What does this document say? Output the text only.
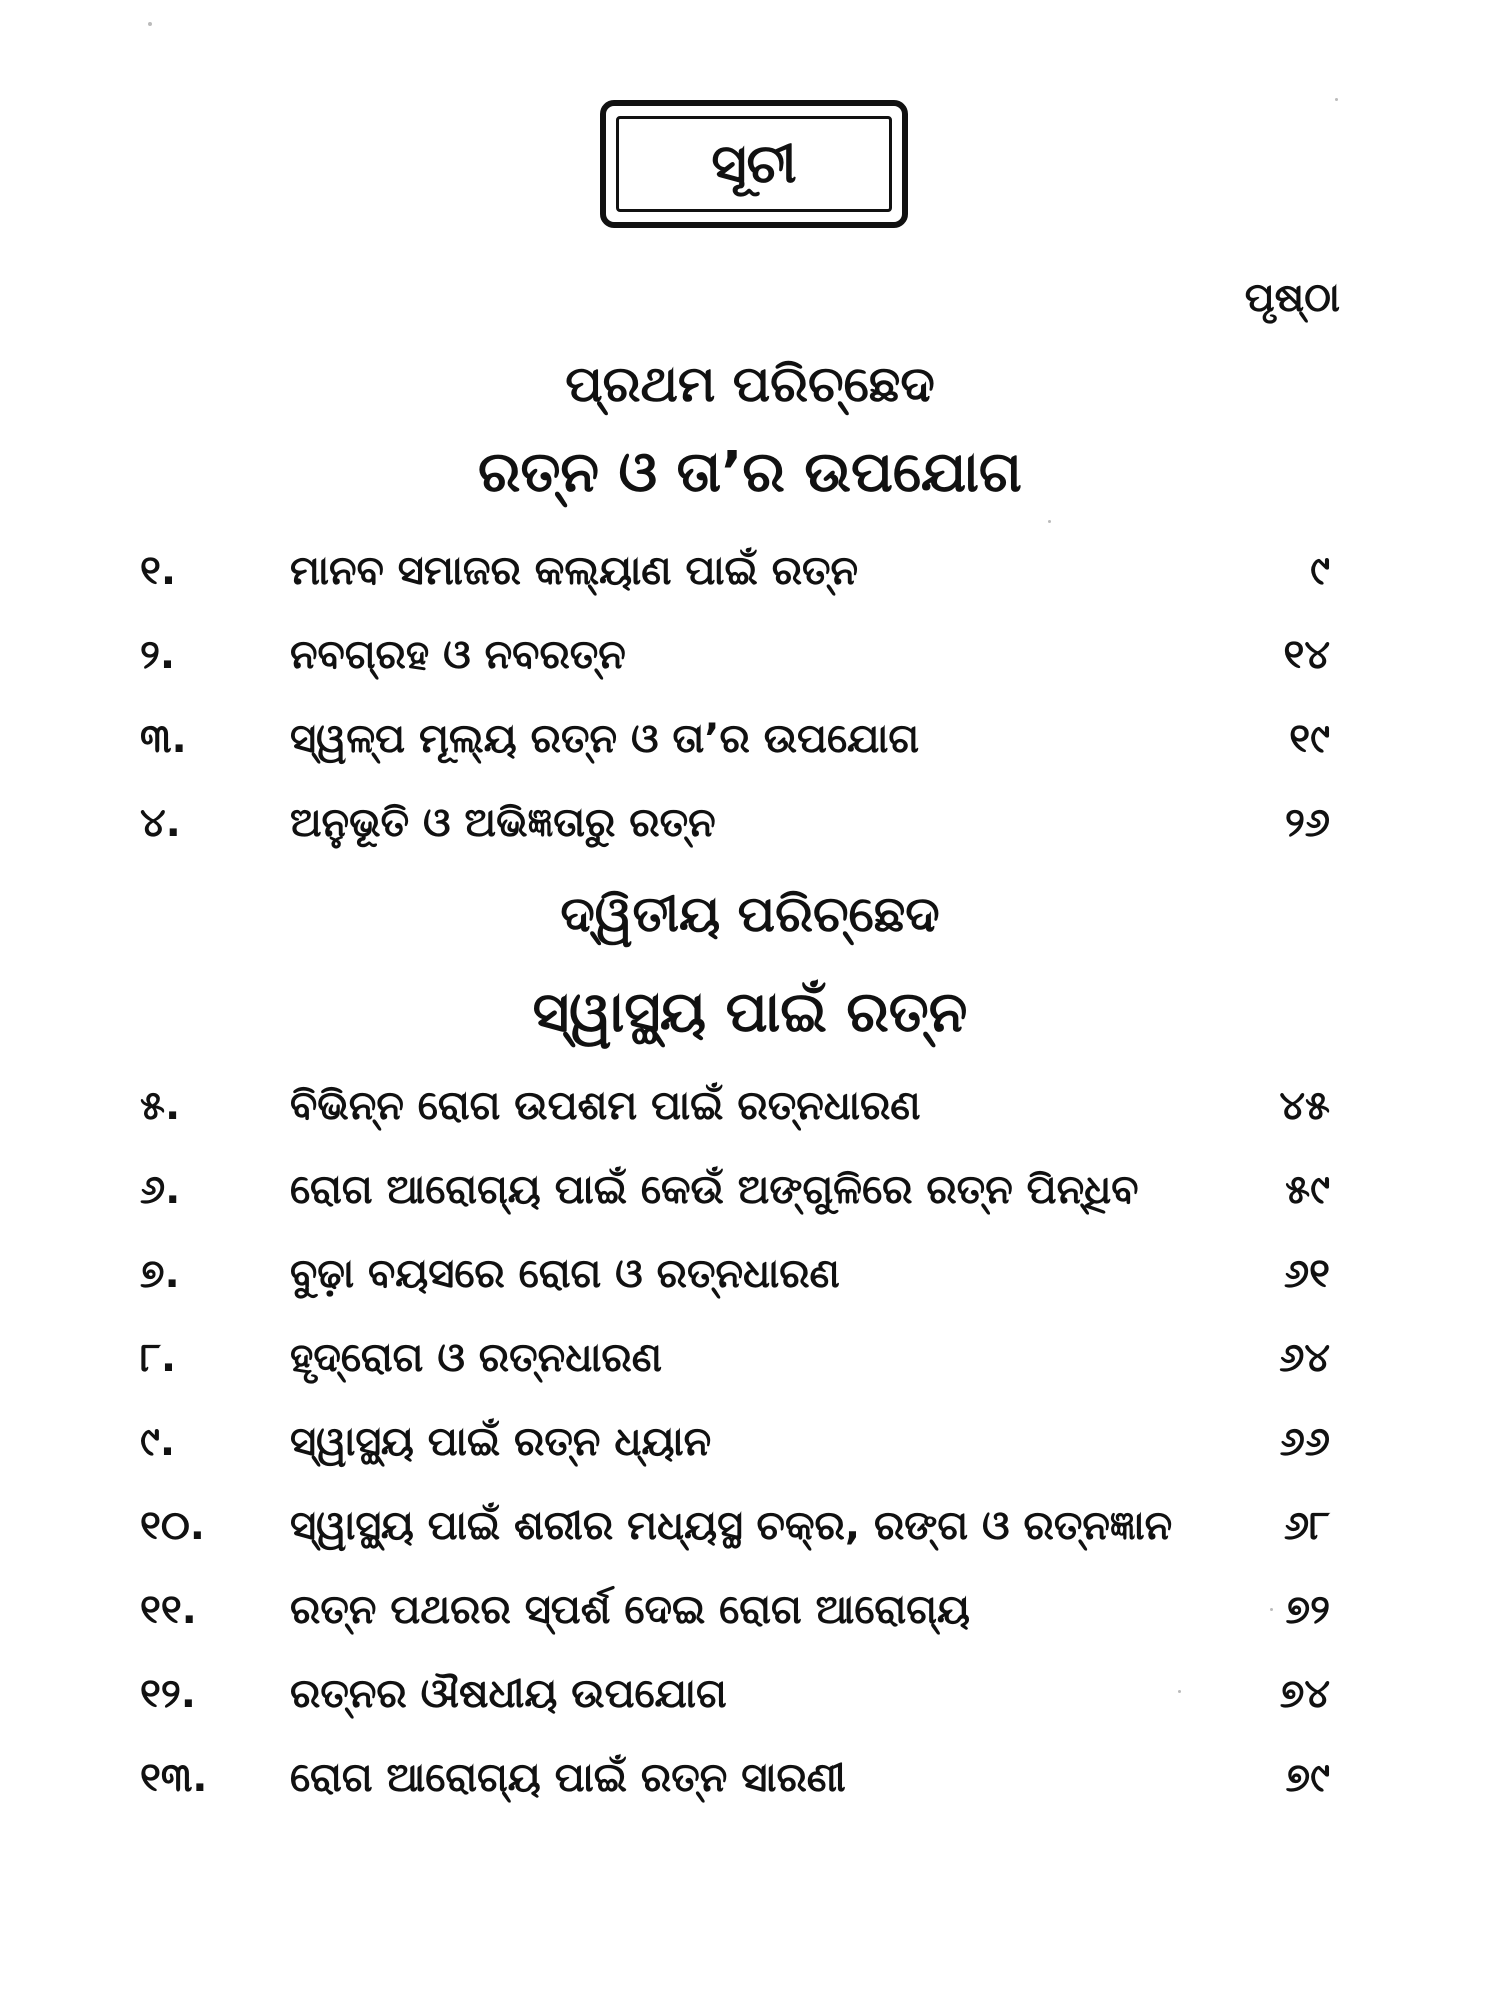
ସୂଚୀ
ପୃଷ୍ଠା
ପ୍ରଥମ ପରିଚ୍ଛେଦ
ରତ୍ନ ଓ ତା’ର ଉପଯୋଗ
୧.	ମାନବ ସମାଜର କଲ୍ୟାଣ ପାଇଁ ରତ୍ନ	୯
୨.	ନବଗ୍ରହ ଓ ନବରତ୍ନ	୧୪
୩.	ସ୍ୱଳ୍ପ ମୂଲ୍ୟ ରତ୍ନ ଓ ତା’ର ଉପଯୋଗ	୧୯
୪.	ଅନୁଭୂତି ଓ ଅଭିଜ୍ଞତାରୁ ରତ୍ନ	୨୬
ଦ୍ୱିତୀୟ ପରିଚ୍ଛେଦ
ସ୍ୱାସ୍ଥ୍ୟ ପାଇଁ ରତ୍ନ
୫.	ବିଭିନ୍ନ ରୋଗ ଉପଶମ ପାଇଁ ରତ୍ନଧାରଣ	୪୫
୬.	ରୋଗ ଆରୋଗ୍ୟ ପାଇଁ କେଉଁ ଅଙ୍ଗୁଳିରେ ରତ୍ନ ପିନ୍ଧିବ	୫୯
୭.	ବୁଢ଼ା ବୟସରେ ରୋଗ ଓ ରତ୍ନଧାରଣ	୬୧
୮.	ହୃଦ୍‌ରୋଗ ଓ ରତ୍ନଧାରଣ	୬୪
୯.	ସ୍ୱାସ୍ଥ୍ୟ ପାଇଁ ରତ୍ନ ଧ୍ୟାନ	୬୬
୧୦. ସ୍ୱାସ୍ଥ୍ୟ ପାଇଁ ଶରୀର ମଧ୍ୟସ୍ଥ ଚକ୍ର, ରଙ୍ଗ ଓ ରତ୍ନଜ୍ଞାନ	୬୮
୧୧. ରତ୍ନ ପଥରର ସ୍ପର୍ଶ ଦେଇ ରୋଗ ଆରୋଗ୍ୟ	୭୨
୧୨. ରତ୍ନର ଔଷଧୀୟ ଉପଯୋଗ	୭୪
୧୩. ରୋଗ ଆରୋଗ୍ୟ ପାଇଁ ରତ୍ନ ସାରଣୀ	୭୯
